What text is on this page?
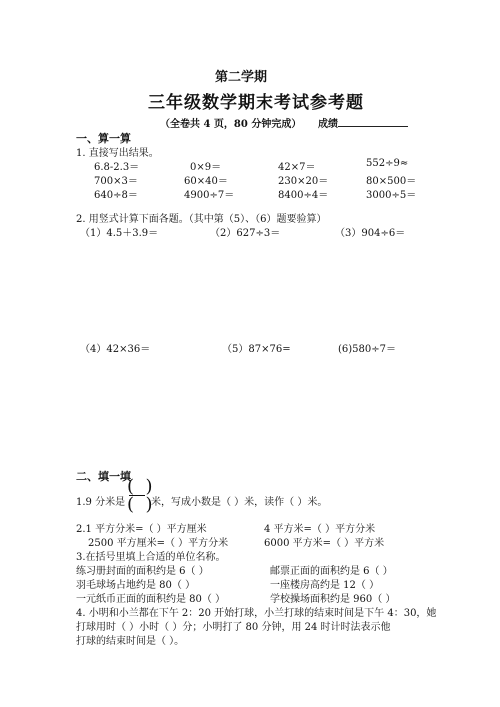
第二学期
三年级数学期末考试参考题
（全卷共 4 页，80 分钟完成） 成绩
一、算一算
1. 直接写出结果。
6.8-2.3＝	0×9＝	42×7＝	552÷9≈
700×3＝	60×40＝	230×20＝	80×500＝
640÷8＝	4900÷7＝	8400÷4＝	3000÷5＝
2. 用竖式计算下面各题。（其中第（5）、（6）题要验算）
（1）4.5＋3.9＝	（2）627÷3＝	（3）904÷6＝
（4）42×36＝	（5）87×76=	(6)580÷7＝
二、填一填
1.9 分米是
(  )
(  )
米，写成小数是（ ）米，读作（ ）米。
2.1 平方分米=（ ）平方厘米	4 平方米=（ ）平方分米
2500 平方厘米=（ ）平方分米	6000 平方米=（ ）平方米
3.在括号里填上合适的单位名称。
练习册封面的面积约是 6（ ）	邮票正面的面积约是 6（ ）
羽毛球场占地约是 80（ ）	一座楼房高约是 12（ ）
一元纸币正面的面积约是 80（ ）	学校操场面积约是 960（ ）
4. 小明和小兰都在下午 2：20 开始打球，小兰打球的结束时间是下午 4：30，她
打球用时（ ）小时（ ）分；小明打了 80 分钟，用 24 时计时法表示他
打球的结束时间是（ ）。
